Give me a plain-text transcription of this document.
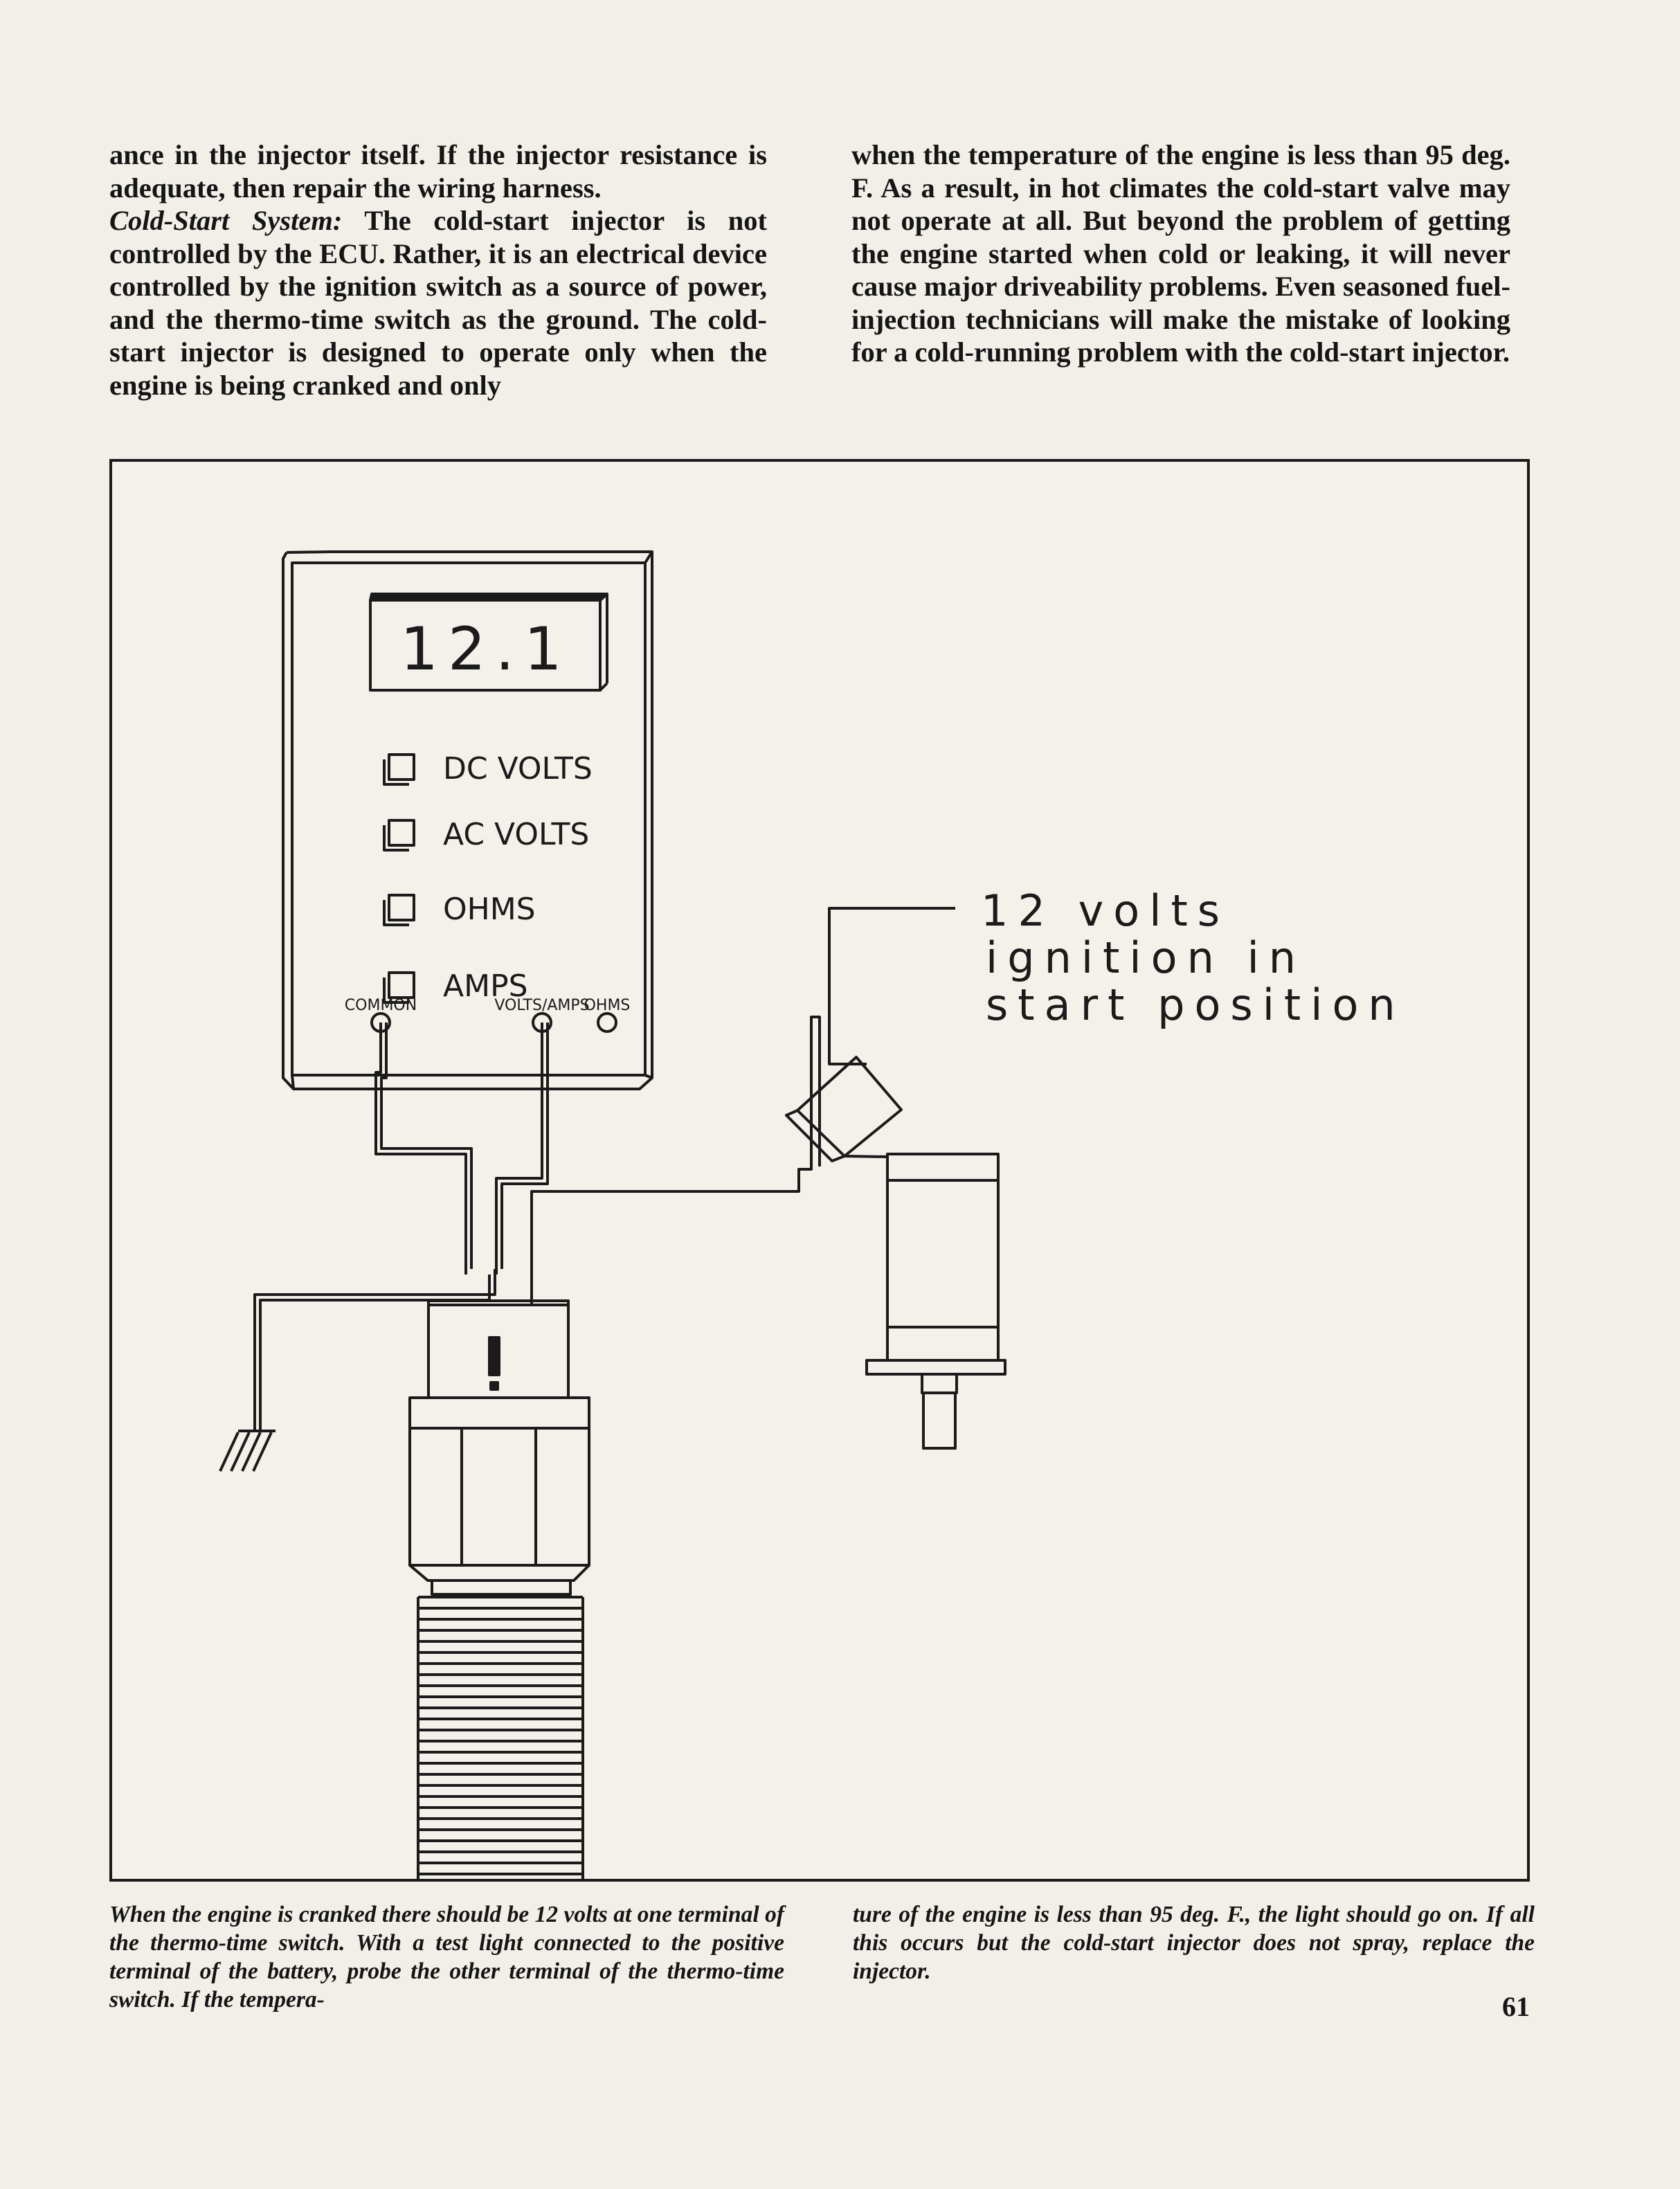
ance in the injector itself. If the injector resistance is adequate, then repair the wiring harness.

Cold-Start System: The cold-start injector is not controlled by the ECU. Rather, it is an electrical device controlled by the ignition switch as a source of power, and the thermo-time switch as the ground. The cold-start injector is designed to operate only when the engine is being cranked and only

when the temperature of the engine is less than 95 deg. F. As a result, in hot climates the cold-start valve may not operate at all. But beyond the problem of getting the engine started when cold or leaking, it will never cause major driveability problems. Even seasoned fuel-injection technicians will make the mistake of looking for a cold-running problem with the cold-start injector.

12.1
DC VOLTS
AC VOLTS
OHMS
AMPS
COMMON	VOLTS/AMPS
OHMS
12 volts
ignition in
start position

When the engine is cranked there should be 12 volts at one terminal of the thermo-time switch. With a test light connected to the positive terminal of the battery, probe the other terminal of the thermo-time switch. If the tempera-

ture of the engine is less than 95 deg. F., the light should go on. If all this occurs but the cold-start injector does not spray, replace the injector.

61
